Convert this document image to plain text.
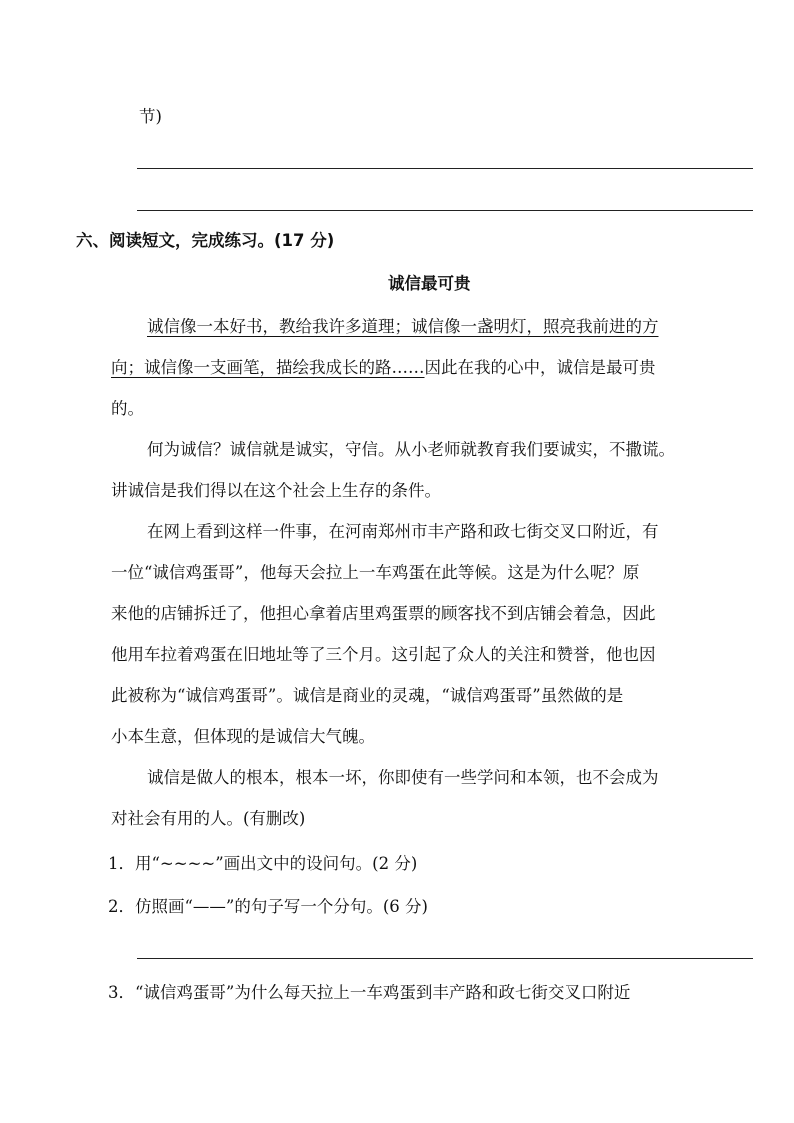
节)
六、阅读短文，完成练习。(17 分)
诚信最可贵
诚信像一本好书，教给我许多道理；诚信像一盏明灯，照亮我前进的方
向；诚信像一支画笔，描绘我成长的路……因此在我的心中，诚信是最可贵
的。
何为诚信？诚信就是诚实，守信。从小老师就教育我们要诚实，不撒谎。
讲诚信是我们得以在这个社会上生存的条件。
在网上看到这样一件事，在河南郑州市丰产路和政七街交叉口附近，有
一位“诚信鸡蛋哥”，他每天会拉上一车鸡蛋在此等候。这是为什么呢？原
来他的店铺拆迁了，他担心拿着店里鸡蛋票的顾客找不到店铺会着急，因此
他用车拉着鸡蛋在旧地址等了三个月。这引起了众人的关注和赞誉，他也因
此被称为“诚信鸡蛋哥”。诚信是商业的灵魂，“诚信鸡蛋哥”虽然做的是
小本生意，但体现的是诚信大气魄。
诚信是做人的根本，根本一坏，你即使有一些学问和本领，也不会成为
对社会有用的人。(有删改)
1．用“~~~~”画出文中的设问句。(2 分)
2．仿照画“——”的句子写一个分句。(6 分)
3．“诚信鸡蛋哥”为什么每天拉上一车鸡蛋到丰产路和政七街交叉口附近
